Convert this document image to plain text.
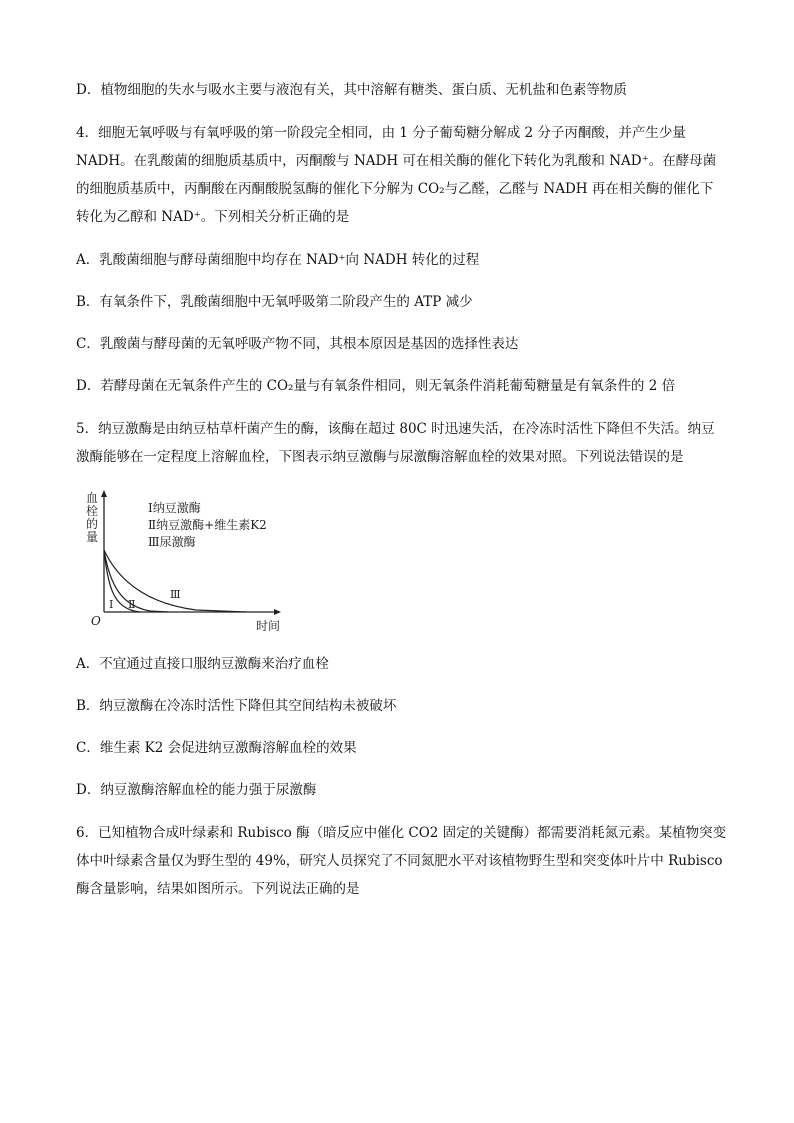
D．植物细胞的失水与吸水主要与液泡有关，其中溶解有糖类、蛋白质、无机盐和色素等物质
4．细胞无氧呼吸与有氧呼吸的第一阶段完全相同，由 1 分子葡萄糖分解成 2 分子丙酮酸，并产生少量
NADH。在乳酸菌的细胞质基质中，丙酮酸与 NADH 可在相关酶的催化下转化为乳酸和 NAD⁺。在酵母菌
的细胞质基质中，丙酮酸在丙酮酸脱氢酶的催化下分解为 CO₂与乙醛，乙醛与 NADH 再在相关酶的催化下
转化为乙醇和 NAD⁺。下列相关分析正确的是
A．乳酸菌细胞与酵母菌细胞中均存在 NAD⁺向 NADH 转化的过程
B．有氧条件下，乳酸菌细胞中无氧呼吸第二阶段产生的 ATP 减少
C．乳酸菌与酵母菌的无氧呼吸产物不同，其根本原因是基因的选择性表达
D．若酵母菌在无氧条件产生的 CO₂量与有氧条件相同，则无氧条件消耗葡萄糖量是有氧条件的 2 倍
5．纳豆激酶是由纳豆枯草杆菌产生的酶，该酶在超过 80C 时迅速失活，在冷冻时活性下降但不失活。纳豆
激酶能够在一定程度上溶解血栓，下图表示纳豆激酶与尿激酶溶解血栓的效果对照。下列说法错误的是
血栓的量
O	时间
Ⅰ纳豆激酶
Ⅱ纳豆激酶+维生素K2
Ⅲ尿激酶
Ⅰ Ⅱ
Ⅲ
A．不宜通过直接口服纳豆激酶来治疗血栓
B．纳豆激酶在冷冻时活性下降但其空间结构未被破坏
C．维生素 K2 会促进纳豆激酶溶解血栓的效果
D．纳豆激酶溶解血栓的能力强于尿激酶
6．已知植物合成叶绿素和 Rubisco 酶（暗反应中催化 CO2 固定的关键酶）都需要消耗氮元素。某植物突变
体中叶绿素含量仅为野生型的 49%，研究人员探究了不同氮肥水平对该植物野生型和突变体叶片中 Rubisco
酶含量影响，结果如图所示。下列说法正确的是
